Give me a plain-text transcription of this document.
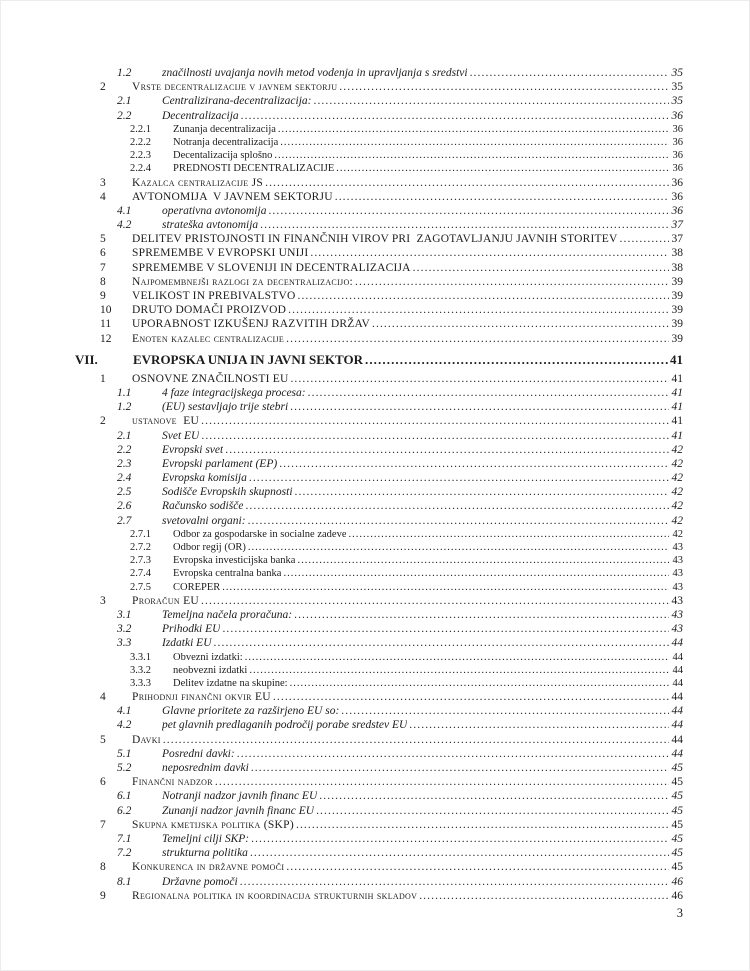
1.2	značilnosti uvajanja novih metod vodenja in upravljanja s sredstvi .....	35
2	Vrste decentralizacije v javnem sektorju .....	35
2.1	Centralizirana-decentralizacija: .....	35
2.2	Decentralizacija .....	36
2.2.1	Zunanja decentralizacija .....	36
2.2.2	Notranja decentralizacija .....	36
2.2.3	Decentalizacija splošno .....	36
2.2.4	PREDNOSTI DECENTRALIZACIJE .....	36
3	Kazalca centralizacije JS .....	36
4	AVTONOMIJA  V JAVNEM SEKTORJU .....	36
4.1	operativna avtonomija .....	36
4.2	strateška avtonomija .....	37
5	DELITEV PRISTOJNOSTI IN FINANČNIH VIROV PRI  ZAGOTAVLJANJU JAVNIH STORITEV .....	37
6	SPREMEMBE V EVROPSKI UNIJI .....	38
7	SPREMEMBE V SLOVENIJI IN DECENTRALIZACIJA .....	38
8	Najpomembnejši razlogi za decentralizacijo: .....	39
9	VELIKOST IN PREBIVALSTVO .....	39
10	DRUTO DOMAČI PROIZVOD .....	39
11	UPORABNOST IZKUŠENJ RAZVITIH DRŽAV .....	39
12	Enoten kazalec centralizacije .....	39
VII.	EVROPSKA UNIJA IN JAVNI SEKTOR .....	41
1	OSNOVNE ZNAČILNOSTI EU .....	41
1.1	4 faze integracijskega procesa: .....	41
1.2	(EU) sestavljajo trije stebri .....	41
2	ustanove  EU .....	41
2.1	Svet EU .....	41
2.2	Evropski svet .....	42
2.3	Evropski parlament (EP) .....	42
2.4	Evropska komisija .....	42
2.5	Sodišče Evropskih skupnosti .....	42
2.6	Računsko sodišče .....	42
2.7	svetovalni organi: .....	42
2.7.1	Odbor za gospodarske in socialne zadeve .....	42
2.7.2	Odbor regij (OR) .....	43
2.7.3	Evropska investicijska banka .....	43
2.7.4	Evropska centralna banka .....	43
2.7.5	COREPER .....	43
3	Proračun EU .....	43
3.1	Temeljna načela proračuna: .....	43
3.2	Prihodki EU .....	43
3.3	Izdatki EU .....	44
3.3.1	Obvezni izdatki: .....	44
3.3.2	neobvezni izdatki .....	44
3.3.3	Delitev izdatne na skupine: .....	44
4	Prihodnji finančni okvir EU .....	44
4.1	Glavne prioritete za razširjeno EU so: .....	44
4.2	pet glavnih predlaganih področij porabe sredstev EU .....	44
5	Davki .....	44
5.1	Posredni davki: .....	44
5.2	neposrednim davki .....	45
6	Finančni nadzor .....	45
6.1	Notranji nadzor javnih financ EU .....	45
6.2	Zunanji nadzor javnih financ EU .....	45
7	Skupna kmetijska politika (SKP) .....	45
7.1	Temeljni cilji SKP: .....	45
7.2	strukturna politika .....	45
8	Konkurenca in državne pomoči .....	45
8.1	Državne pomoči .....	46
9	Regionalna politika in koordinacija strukturnih skladov .....	46
3
